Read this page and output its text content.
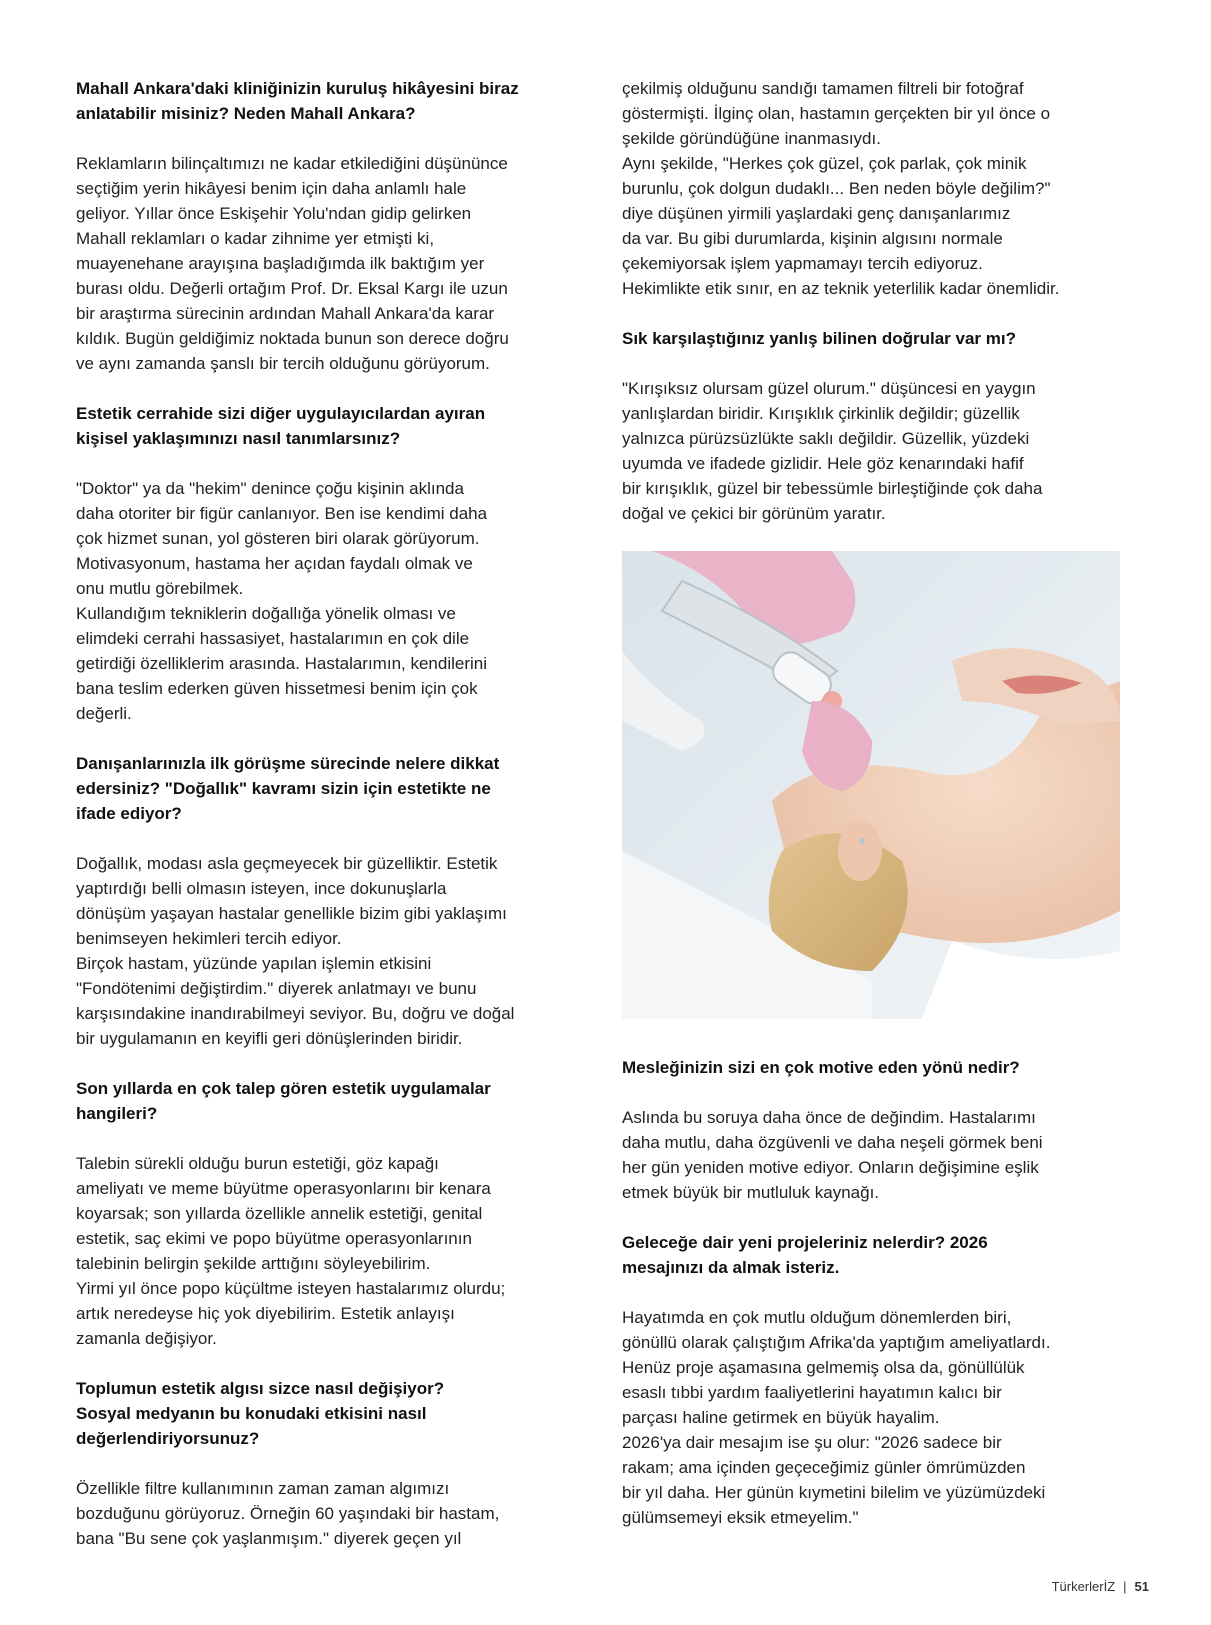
Mahall Ankara'daki kliniğinizin kuruluş hikâyesini biraz
anlatabilir misiniz? Neden Mahall Ankara?

Reklamların bilinçaltımızı ne kadar etkilediğini düşününce
seçtiğim yerin hikâyesi benim için daha anlamlı hale
geliyor. Yıllar önce Eskişehir Yolu'ndan gidip gelirken
Mahall reklamları o kadar zihnime yer etmişti ki,
muayenehane arayışına başladığımda ilk baktığım yer
burası oldu. Değerli ortağım Prof. Dr. Eksal Kargı ile uzun
bir araştırma sürecinin ardından Mahall Ankara'da karar
kıldık. Bugün geldiğimiz noktada bunun son derece doğru
ve aynı zamanda şanslı bir tercih olduğunu görüyorum.

Estetik cerrahide sizi diğer uygulayıcılardan ayıran
kişisel yaklaşımınızı nasıl tanımlarsınız?

"Doktor" ya da "hekim" denince çoğu kişinin aklında
daha otoriter bir figür canlanıyor. Ben ise kendimi daha
çok hizmet sunan, yol gösteren biri olarak görüyorum.
Motivasyonum, hastama her açıdan faydalı olmak ve
onu mutlu görebilmek.

Kullandığım tekniklerin doğallığa yönelik olması ve
elimdeki cerrahi hassasiyet, hastalarımın en çok dile
getirdiği özelliklerim arasında. Hastalarımın, kendilerini
bana teslim ederken güven hissetmesi benim için çok
değerli.

Danışanlarınızla ilk görüşme sürecinde nelere dikkat
edersiniz? "Doğallık" kavramı sizin için estetikte ne
ifade ediyor?

Doğallık, modası asla geçmeyecek bir güzelliktir. Estetik
yaptırdığı belli olmasın isteyen, ince dokunuşlarla
dönüşüm yaşayan hastalar genellikle bizim gibi yaklaşımı
benimseyen hekimleri tercih ediyor.

Birçok hastam, yüzünde yapılan işlemin etkisini
"Fondötenimi değiştirdim." diyerek anlatmayı ve bunu
karşısındakine inandırabilmeyi seviyor. Bu, doğru ve doğal
bir uygulamanın en keyifli geri dönüşlerinden biridir.

Son yıllarda en çok talep gören estetik uygulamalar
hangileri?

Talebin sürekli olduğu burun estetiği, göz kapağı
ameliyatı ve meme büyütme operasyonlarını bir kenara
koyarsak; son yıllarda özellikle annelik estetiği, genital
estetik, saç ekimi ve popo büyütme operasyonlarının
talebinin belirgin şekilde arttığını söyleyebilirim.

Yirmi yıl önce popo küçültme isteyen hastalarımız olurdu;
artık neredeyse hiç yok diyebilirim. Estetik anlayışı
zamanla değişiyor.

Toplumun estetik algısı sizce nasıl değişiyor?
Sosyal medyanın bu konudaki etkisini nasıl
değerlendiriyorsunuz?

Özellikle filtre kullanımının zaman zaman algımızı
bozduğunu görüyoruz. Örneğin 60 yaşındaki bir hastam,
bana "Bu sene çok yaşlanmışım." diyerek geçen yıl

çekilmiş olduğunu sandığı tamamen filtreli bir fotoğraf
göstermişti. İlginç olan, hastamın gerçekten bir yıl önce o
şekilde göründüğüne inanmasıydı.

Aynı şekilde, "Herkes çok güzel, çok parlak, çok minik
burunlu, çok dolgun dudaklı... Ben neden böyle değilim?"
diye düşünen yirmili yaşlardaki genç danışanlarımız
da var. Bu gibi durumlarda, kişinin algısını normale
çekemiyorsak işlem yapmamayı tercih ediyoruz.

Hekimlikte etik sınır, en az teknik yeterlilik kadar önemlidir.

Sık karşılaştığınız yanlış bilinen doğrular var mı?

"Kırışıksız olursam güzel olurum." düşüncesi en yaygın
yanlışlardan biridir. Kırışıklık çirkinlik değildir; güzellik
yalnızca pürüzsüzlükte saklı değildir. Güzellik, yüzdeki
uyumda ve ifadede gizlidir. Hele göz kenarındaki hafif
bir kırışıklık, güzel bir tebessümle birleştiğinde çok daha
doğal ve çekici bir görünüm yaratır.

Mesleğinizin sizi en çok motive eden yönü nedir?

Aslında bu soruya daha önce de değindim. Hastalarımı
daha mutlu, daha özgüvenli ve daha neşeli görmek beni
her gün yeniden motive ediyor. Onların değişimine eşlik
etmek büyük bir mutluluk kaynağı.

Geleceğe dair yeni projeleriniz nelerdir? 2026
mesajınızı da almak isteriz.

Hayatımda en çok mutlu olduğum dönemlerden biri,
gönüllü olarak çalıştığım Afrika'da yaptığım ameliyatlardı.
Henüz proje aşamasına gelmemiş olsa da, gönüllülük
esaslı tıbbi yardım faaliyetlerini hayatımın kalıcı bir
parçası haline getirmek en büyük hayalim.

2026'ya dair mesajım ise şu olur: "2026 sadece bir
rakam; ama içinden geçeceğimiz günler ömrümüzden
bir yıl daha. Her günün kıymetini bilelim ve yüzümüzdeki
gülümsemeyi eksik etmeyelim."

TürkerlerİZ | 51
